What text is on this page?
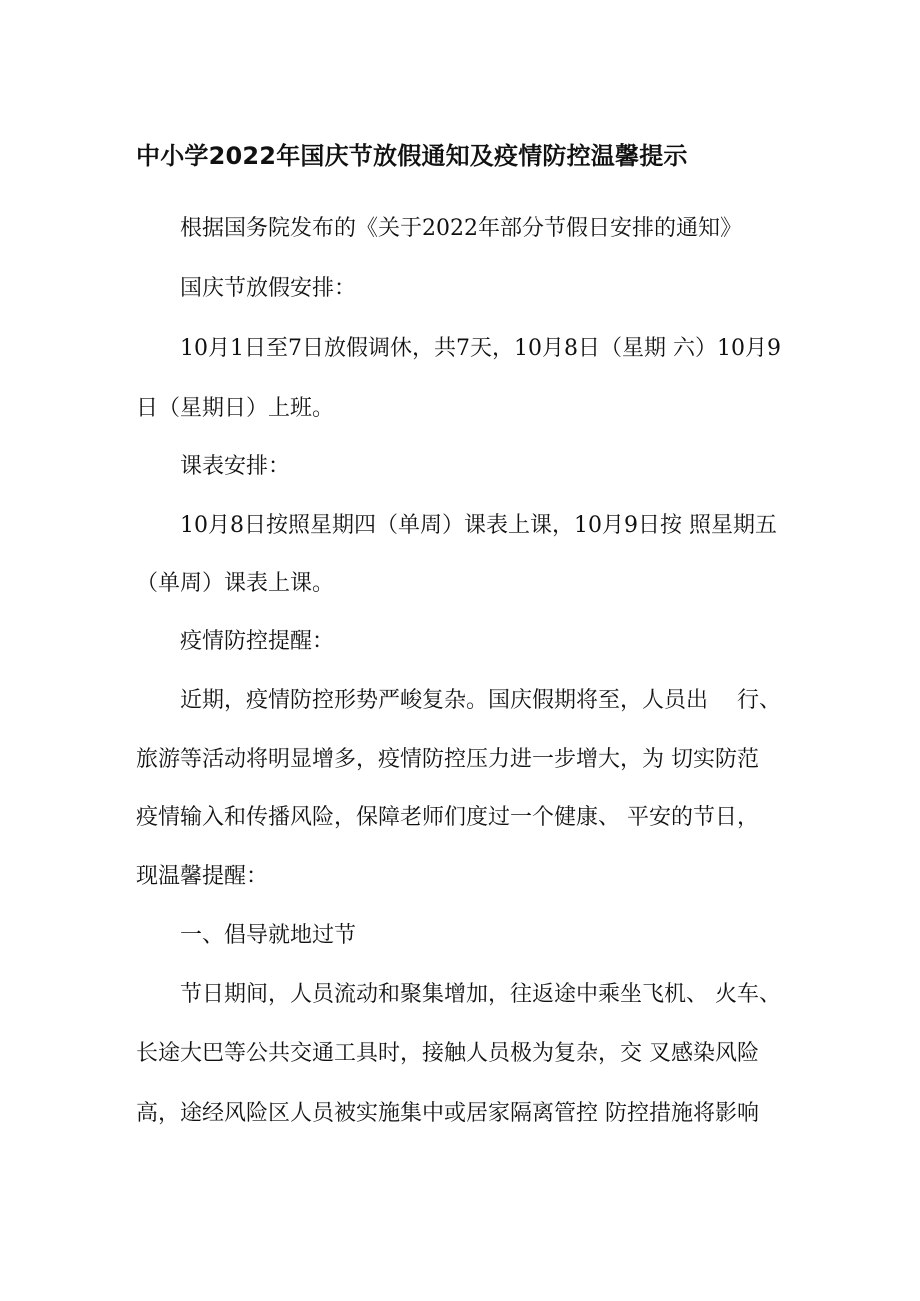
中小学2022年国庆节放假通知及疫情防控温馨提示

根据国务院发布的《关于2022年部分节假日安排的通知》

国庆节放假安排：

10月1日至7日放假调休，共7天，10月8日（星期 六）10月9

日（星期日）上班。

课表安排：

10月8日按照星期四（单周）课表上课，10月9日按 照星期五

（单周）课表上课。

疫情防控提醒：

近期，疫情防控形势严峻复杂。国庆假期将至，人员出　 行、

旅游等活动将明显增多，疫情防控压力进一步增大，为 切实防范

疫情输入和传播风险，保障老师们度过一个健康、 平安的节日，

现温馨提醒：

一、倡导就地过节

节日期间，人员流动和聚集增加，往返途中乘坐飞机、 火车、

长途大巴等公共交通工具时，接触人员极为复杂，交 叉感染风险

高，途经风险区人员被实施集中或居家隔离管控 防控措施将影响
